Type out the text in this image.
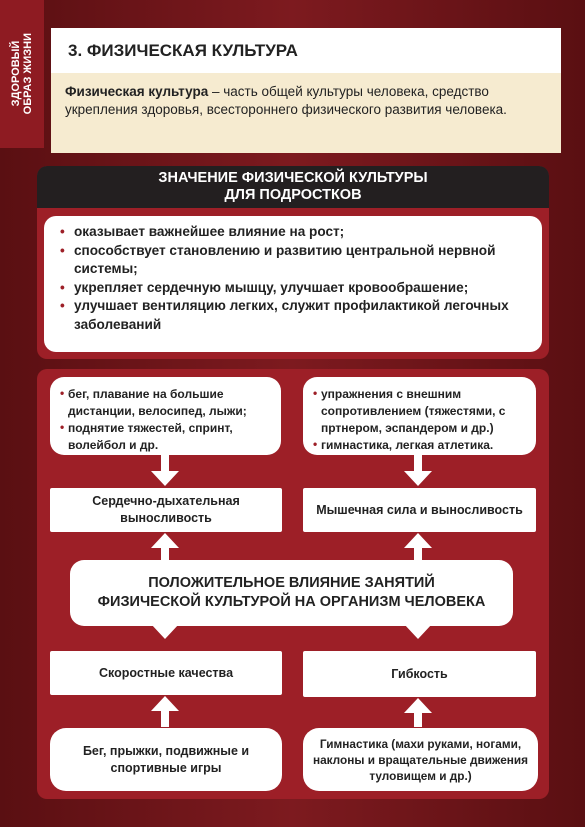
ЗДОРОВЫЙ
ОБРАЗ ЖИЗНИ 3. ФИЗИЧЕСКАЯ КУЛЬТУРА

Физическая культура – часть общей культуры человека, средство укрепления здоровья, всестороннего физического развития человека.

ЗНАЧЕНИЕ ФИЗИЧЕСКОЙ КУЛЬТУРЫ
ДЛЯ ПОДРОСТКОВ
• оказывает важнейшее влияние на рост;
• способствует становлению и развитию центральной нервной системы;
• укрепляет сердечную мышцу, улучшает кровообрашение;
• улучшает вентиляцию легких, служит профилактикой легочных заболеваний
• бег, плавание на большие дистанции, велосипед, лыжи;
• поднятие тяжестей, спринт, волейбол и др.
• упражнения с внешним сопротивлением (тяжестями, с пртнером, эспандером и др.)
• гимнастика, легкая атлетика.
Сердечно-дыхательная выносливость
Мышечная сила и выносливость
ПОЛОЖИТЕЛЬНОЕ ВЛИЯНИЕ ЗАНЯТИЙ
ФИЗИЧЕСКОЙ КУЛЬТУРОЙ НА ОРГАНИЗМ ЧЕЛОВЕКА
Скоростные качества	Гибкость
Бег, прыжки, подвижные и спортивные игры
Гимнастика (махи руками, ногами, наклоны и вращательные движения туловищем и др.)
